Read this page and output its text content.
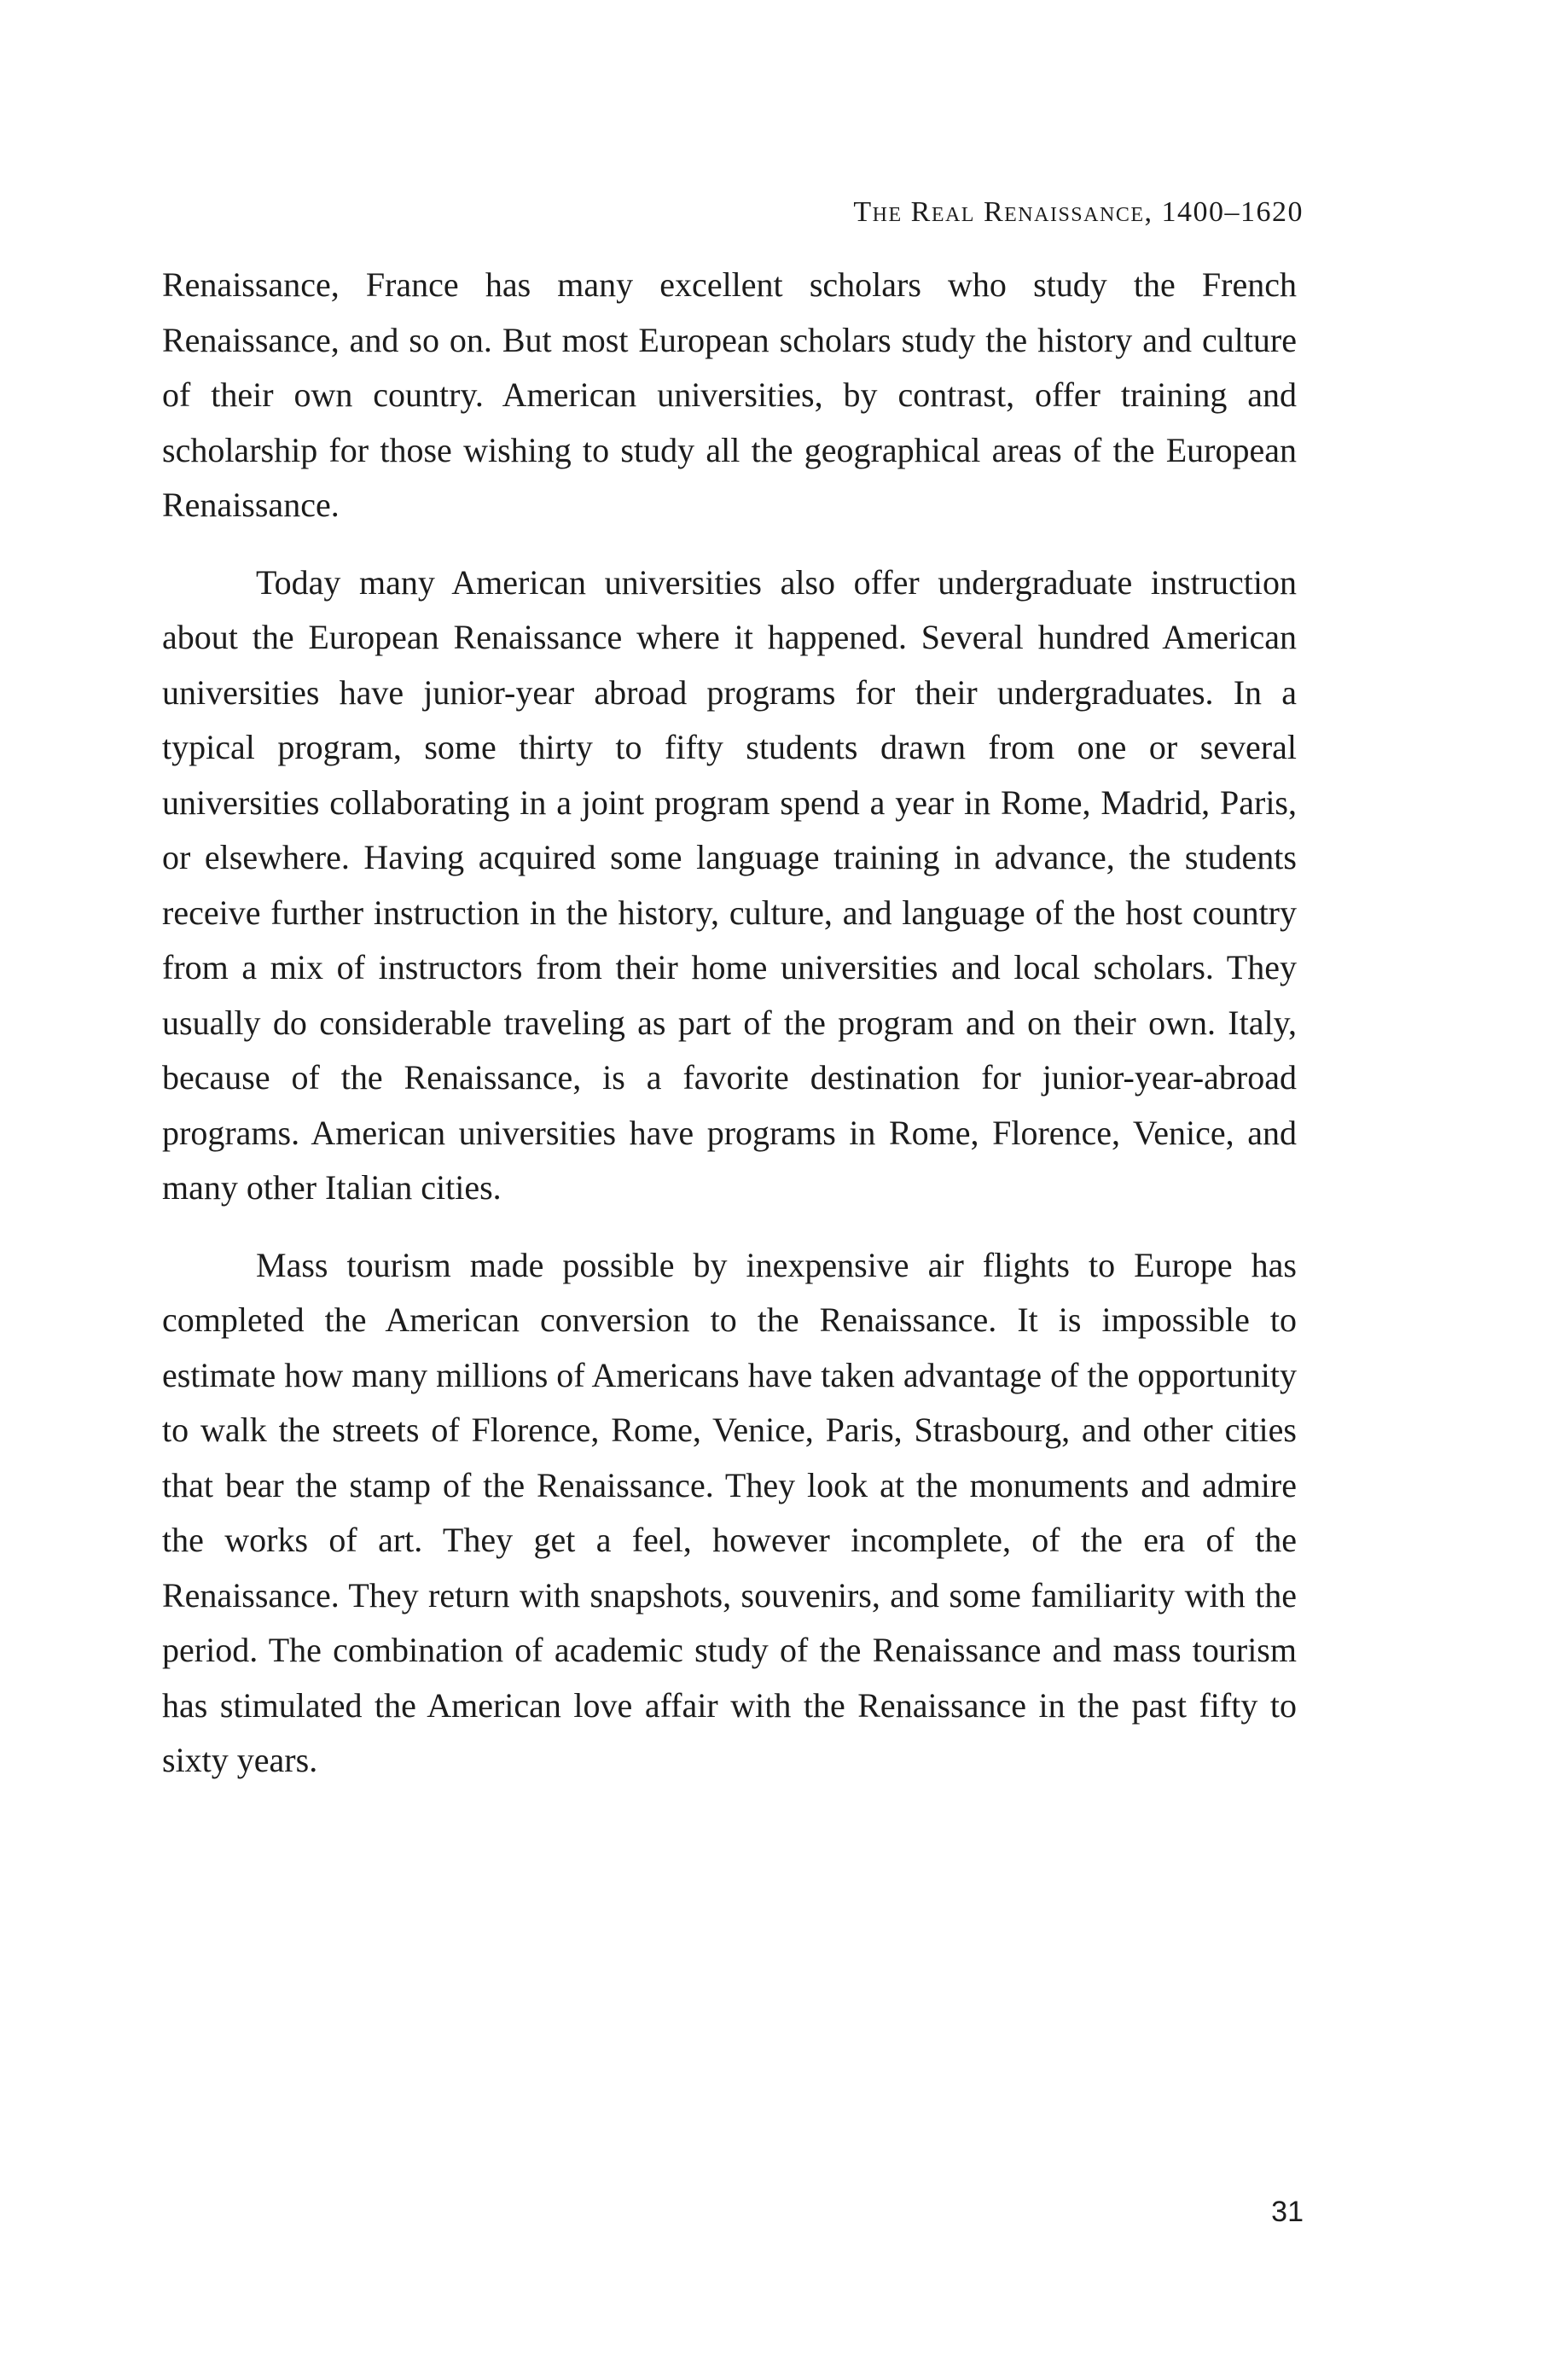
The Real Renaissance, 1400–1620

Renaissance, France has many excellent scholars who study the French Renaissance, and so on. But most European scholars study the history and culture of their own country. American universities, by contrast, offer training and scholarship for those wishing to study all the geographical areas of the European Renaissance.

Today many American universities also offer undergraduate instruction about the European Renaissance where it happened. Several hundred American universities have junior-year abroad programs for their undergraduates. In a typical program, some thirty to fifty students drawn from one or several universities collaborating in a joint program spend a year in Rome, Madrid, Paris, or elsewhere. Having acquired some language training in advance, the students receive further instruction in the history, culture, and language of the host country from a mix of instructors from their home universities and local scholars. They usually do considerable traveling as part of the program and on their own. Italy, because of the Renaissance, is a favorite destination for junior-year-abroad programs. American universities have programs in Rome, Florence, Venice, and many other Italian cities.

Mass tourism made possible by inexpensive air flights to Europe has completed the American conversion to the Renaissance. It is impossible to estimate how many millions of Americans have taken advantage of the opportunity to walk the streets of Florence, Rome, Venice, Paris, Strasbourg, and other cities that bear the stamp of the Renaissance. They look at the monuments and admire the works of art. They get a feel, however incomplete, of the era of the Renaissance. They return with snapshots, souvenirs, and some familiarity with the period. The combination of academic study of the Renaissance and mass tourism has stimulated the American love affair with the Renaissance in the past fifty to sixty years.

31
